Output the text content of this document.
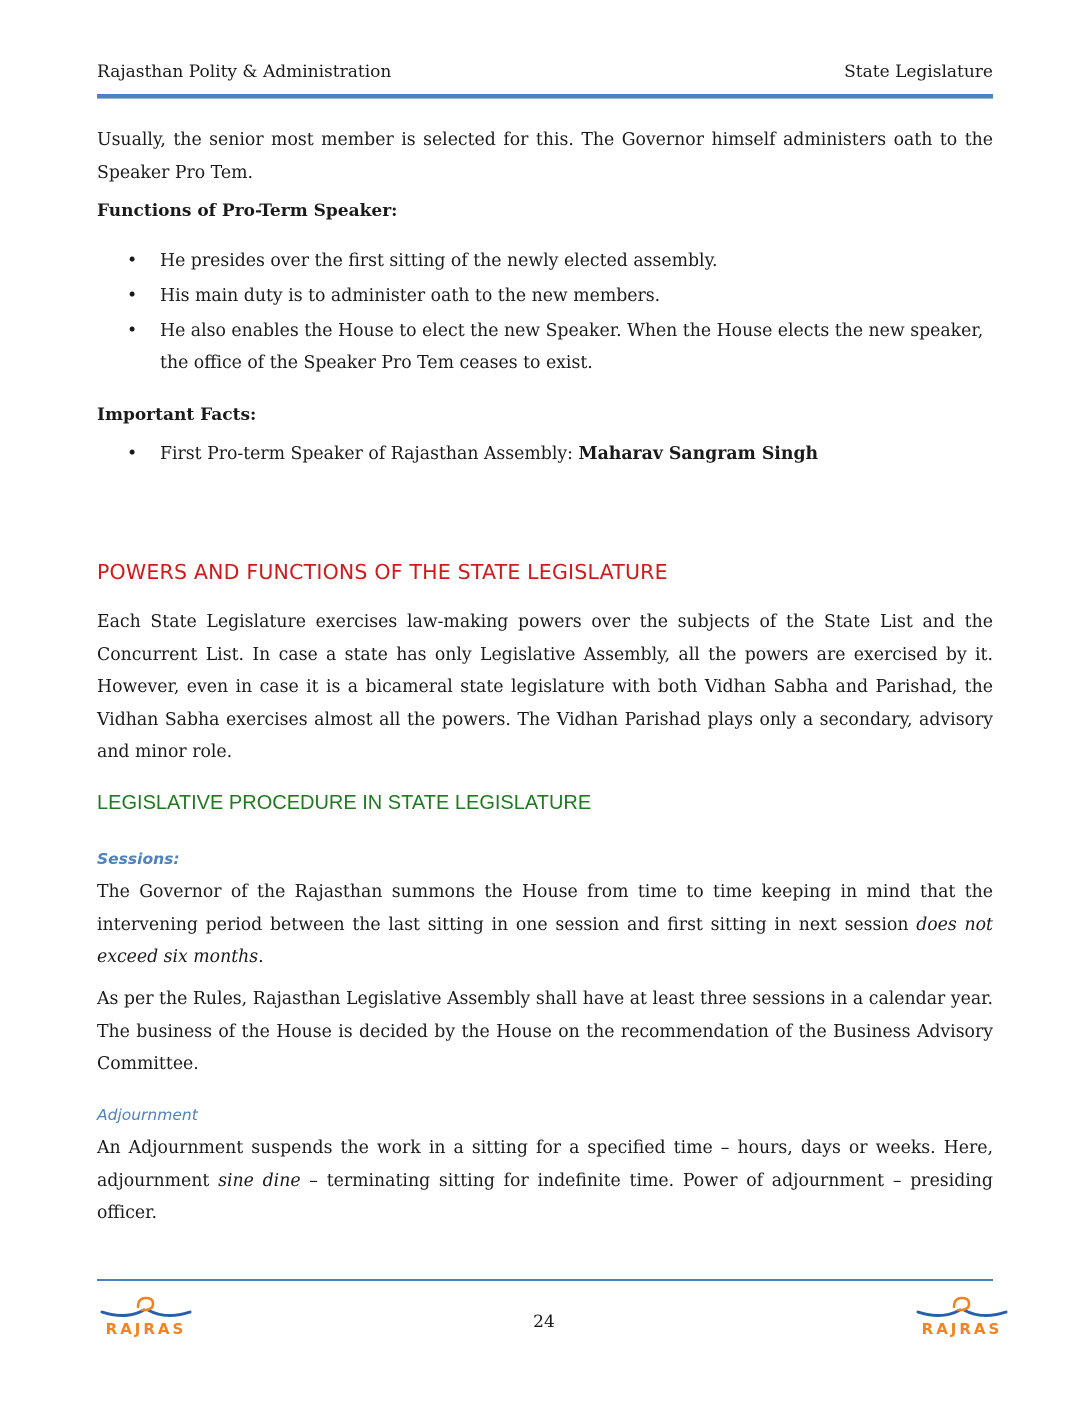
Rajasthan Polity & Administration	State Legislature
Usually, the senior most member is selected for this. The Governor himself administers oath to the Speaker Pro Tem.
Functions of Pro-Term Speaker:
• He presides over the first sitting of the newly elected assembly.
• His main duty is to administer oath to the new members.
• He also enables the House to elect the new Speaker. When the House elects the new speaker, the office of the Speaker Pro Tem ceases to exist.
Important Facts:
• First Pro-term Speaker of Rajasthan Assembly: Maharav Sangram Singh
POWERS AND FUNCTIONS OF THE STATE LEGISLATURE
Each State Legislature exercises law-making powers over the subjects of the State List and the Concurrent List. In case a state has only Legislative Assembly, all the powers are exercised by it. However, even in case it is a bicameral state legislature with both Vidhan Sabha and Parishad, the Vidhan Sabha exercises almost all the powers. The Vidhan Parishad plays only a secondary, advisory and minor role.
LEGISLATIVE PROCEDURE IN STATE LEGISLATURE
Sessions:
The Governor of the Rajasthan summons the House from time to time keeping in mind that the intervening period between the last sitting in one session and first sitting in next session does not exceed six months.
As per the Rules, Rajasthan Legislative Assembly shall have at least three sessions in a calendar year. The business of the House is decided by the House on the recommendation of the Business Advisory Committee.
Adjournment
An Adjournment suspends the work in a sitting for a specified time – hours, days or weeks. Here, adjournment sine dine – terminating sitting for indefinite time. Power of adjournment – presiding officer.
RAJRAS	24	RAJRAS
